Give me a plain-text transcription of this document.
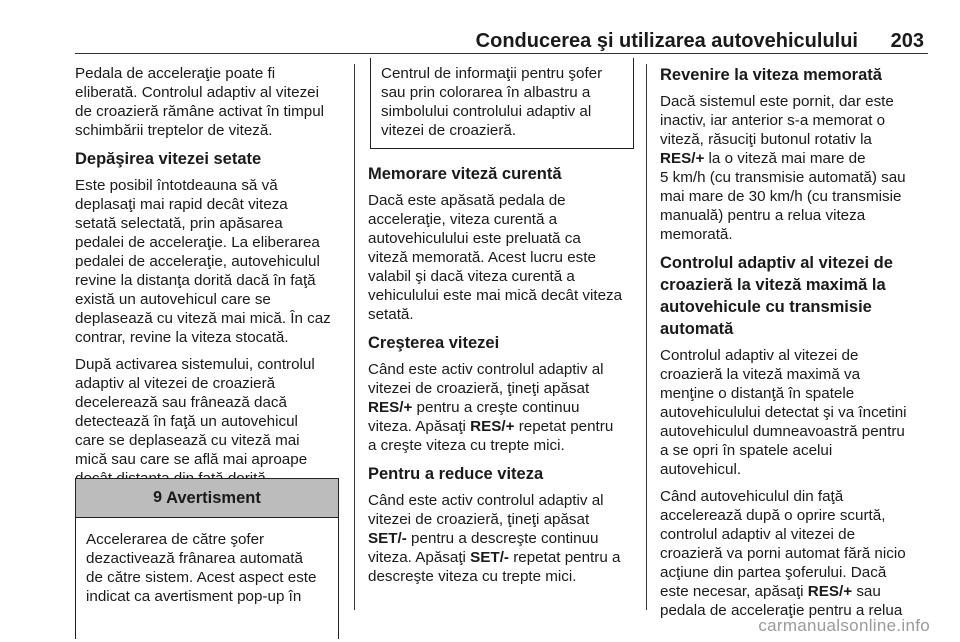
Conducerea şi utilizarea autovehiculului 203

Pedala de acceleraţie poate fi
eliberată. Controlul adaptiv al vitezei
de croazieră rămâne activat în timpul
schimbării treptelor de viteză.

Depăşirea vitezei setate

Este posibil întotdeauna să vă
deplasaţi mai rapid decât viteza
setată selectată, prin apăsarea
pedalei de acceleraţie. La eliberarea
pedalei de acceleraţie, autovehiculul
revine la distanţa dorită dacă în faţă
există un autovehicul care se
deplasează cu viteză mai mică. În caz
contrar, revine la viteza stocată.

După activarea sistemului, controlul
adaptiv al vitezei de croazieră
decelerează sau frânează dacă
detectează în faţă un autovehicul
care se deplasează cu viteză mai
mică sau care se află mai aproape

9 Avertisment

Accelerarea de către şofer
dezactivează frânarea automată
de către sistem. Acest aspect este
indicat ca avertisment pop-up în

Centrul de informaţii pentru şofer
sau prin colorarea în albastru a
simbolului controlului adaptiv al
vitezei de croazieră.

Memorare viteză curentă

Dacă este apăsată pedala de
acceleraţie, viteza curentă a
autovehiculului este preluată ca
viteză memorată. Acest lucru este
valabil şi dacă viteza curentă a
vehiculului este mai mică decât viteza
setată.

Creşterea vitezei

Când este activ controlul adaptiv al
vitezei de croazieră, ţineţi apăsat
RES/+ pentru a creşte continuu
viteza. Apăsaţi RES/+ repetat pentru
a creşte viteza cu trepte mici.

Pentru a reduce viteza

Când este activ controlul adaptiv al
vitezei de croazieră, ţineţi apăsat
SET/- pentru a descreşte continuu
viteza. Apăsaţi SET/- repetat pentru a
descreşte viteza cu trepte mici.

Revenire la viteza memorată

Dacă sistemul este pornit, dar este
inactiv, iar anterior s-a memorat o
viteză, răsuciţi butonul rotativ la
RES/+ la o viteză mai mare de
5 km/h (cu transmisie automată) sau
mai mare de 30 km/h (cu transmisie
manuală) pentru a relua viteza
memorată.

Controlul adaptiv al vitezei de
croazieră la viteză maximă la
autovehicule cu transmisie
automată

Controlul adaptiv al vitezei de
croazieră la viteză maximă va
menţine o distanţă în spatele
autovehiculului detectat şi va încetini
autovehiculul dumneavoastră pentru
a se opri în spatele acelui
autovehicul.

Când autovehiculul din faţă
accelerează după o oprire scurtă,
controlul adaptiv al vitezei de
croazieră va porni automat fără nicio
acţiune din partea şoferului. Dacă
este necesar, apăsaţi RES/+ sau
pedala de acceleraţie pentru a relua

carmanualsonline.info
